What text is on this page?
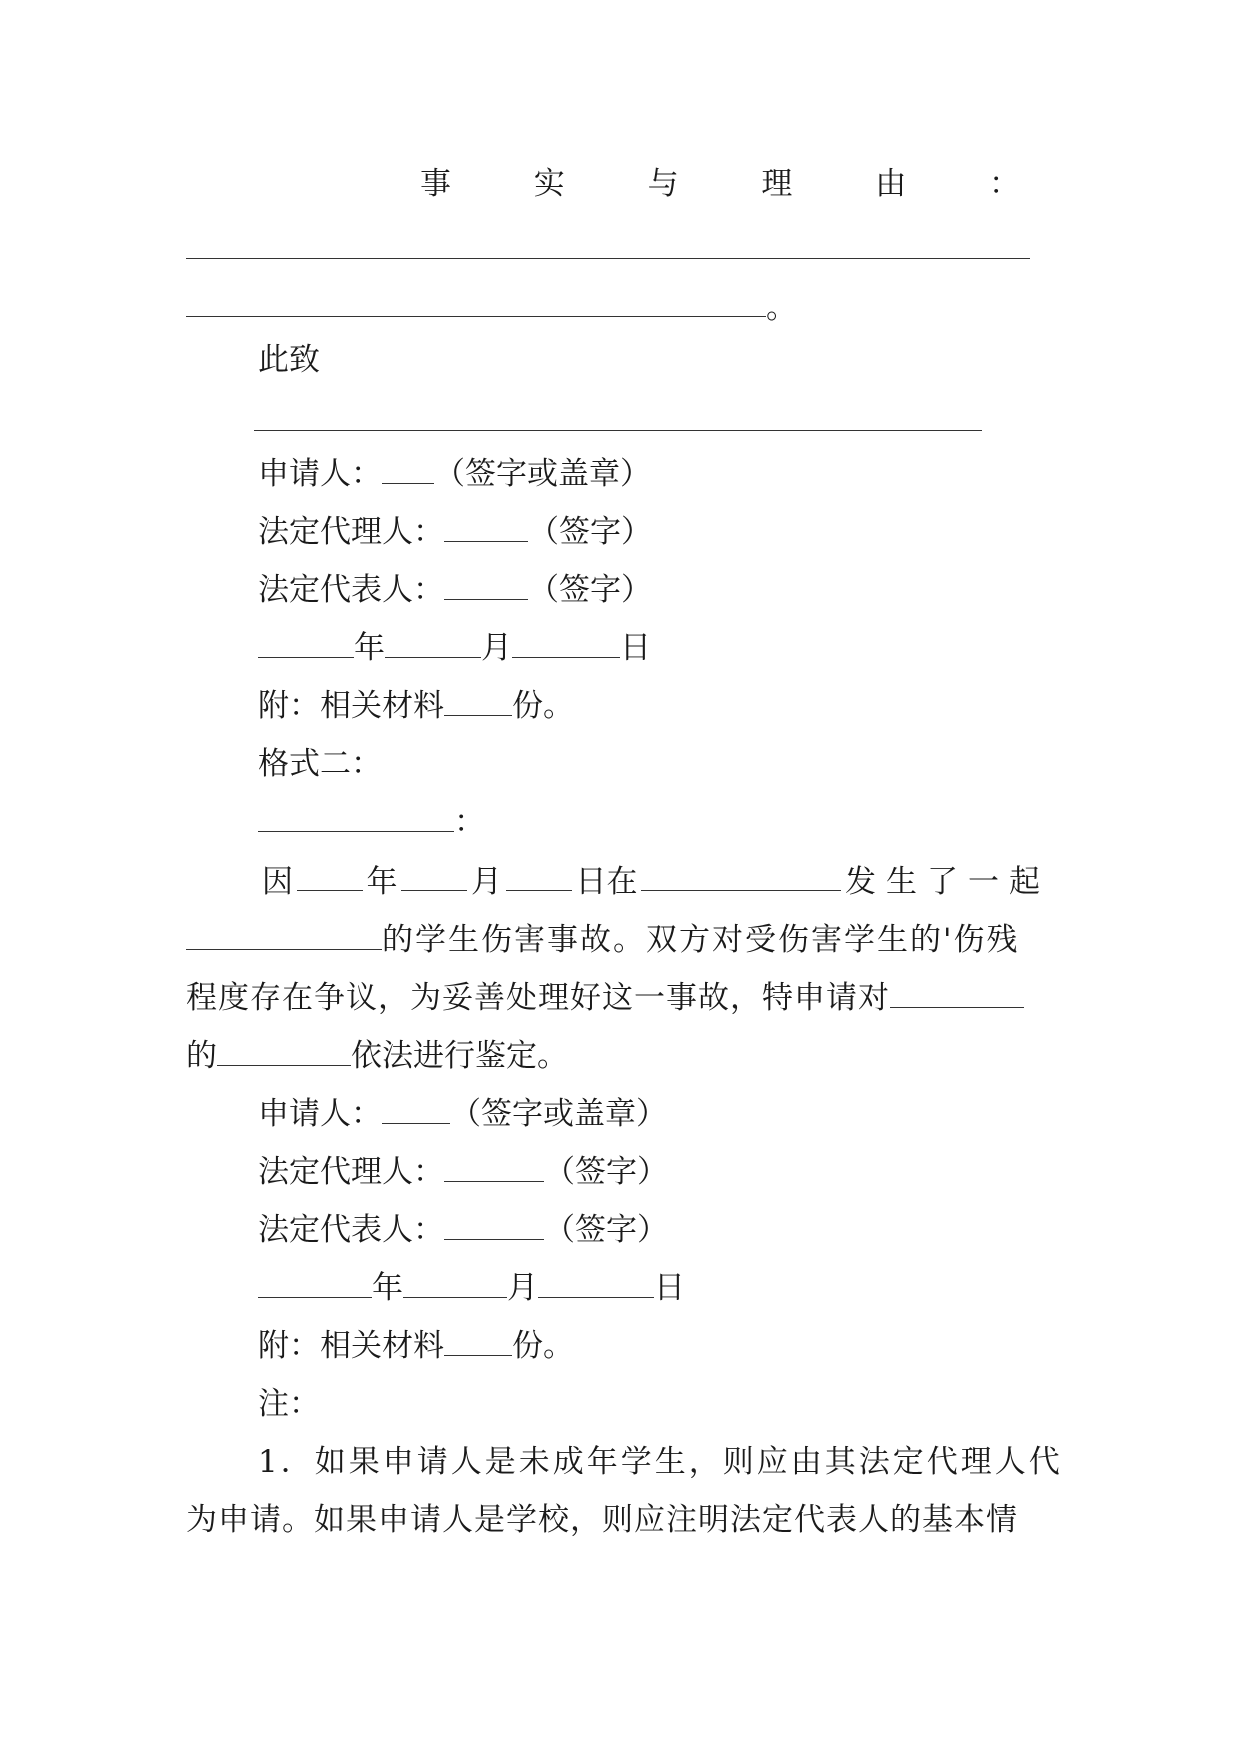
事	实	与	理	由	：
。
此致
申请人： （签字或盖章）
法定代理人：	（签字）
法定代表人：	（签字）
年	月	日
附：相关材料 份。
格式二：
：
因 年 月 日在	发生了一起
的学生伤害事故。双方对受伤害学生的'伤残
程度存在争议，为妥善处理好这一事故，特申请对
的	依法进行鉴定。
申请人： （签字或盖章）
法定代理人：	（签字）
法定代表人：	（签字）
年	月	日
附：相关材料 份。
注：
1．如果申请人是未成年学生，则应由其法定代理人代
为申请。如果申请人是学校，则应注明法定代表人的基本情
